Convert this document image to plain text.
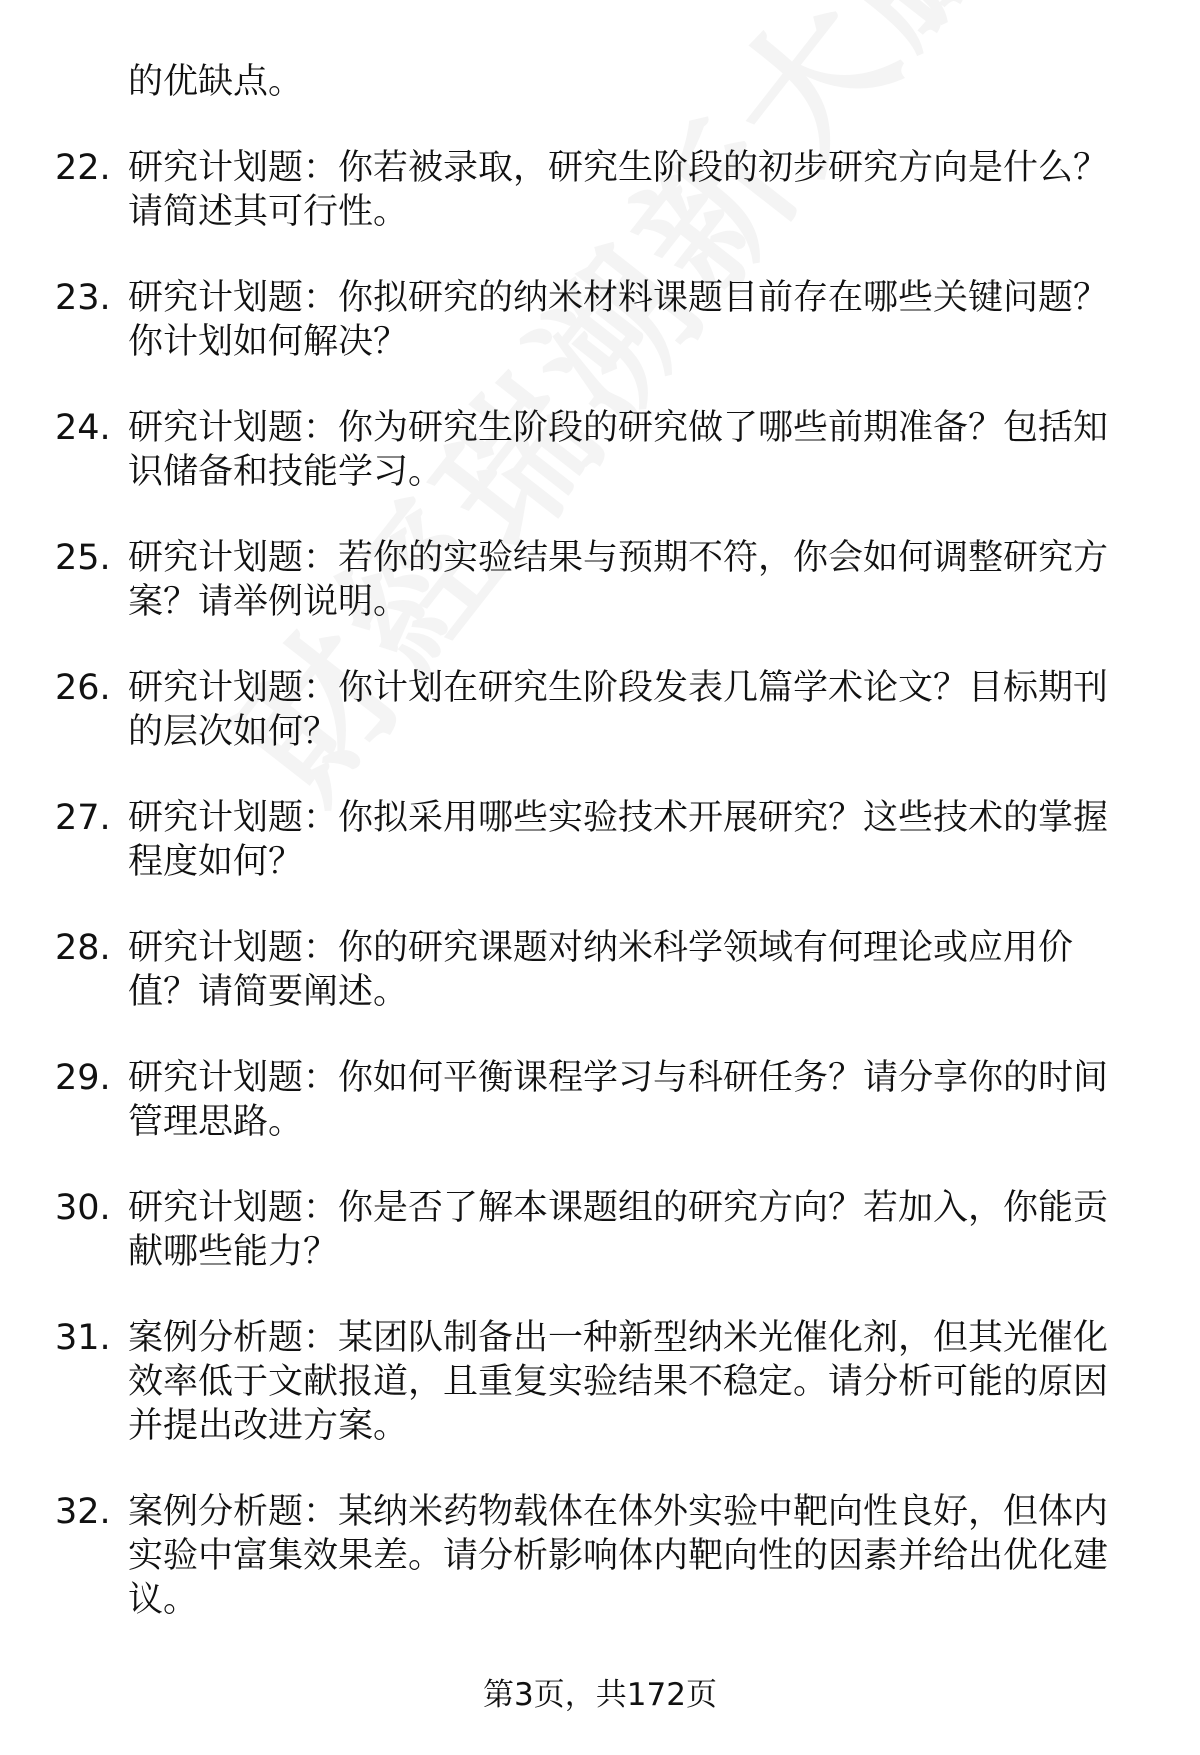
的优缺点。
22. 研究计划题：你若被录取，研究生阶段的初步研究方向是什么？请简述其可行性。
23. 研究计划题：你拟研究的纳米材料课题目前存在哪些关键问题？你计划如何解决？
24. 研究计划题：你为研究生阶段的研究做了哪些前期准备？包括知识储备和技能学习。
25. 研究计划题：若你的实验结果与预期不符，你会如何调整研究方案？请举例说明。
26. 研究计划题：你计划在研究生阶段发表几篇学术论文？目标期刊的层次如何？
27. 研究计划题：你拟采用哪些实验技术开展研究？这些技术的掌握程度如何？
28. 研究计划题：你的研究课题对纳米科学领域有何理论或应用价值？请简要阐述。
29. 研究计划题：你如何平衡课程学习与科研任务？请分享你的时间管理思路。
30. 研究计划题：你是否了解本课题组的研究方向？若加入，你能贡献哪些能力？
31. 案例分析题：某团队制备出一种新型纳米光催化剂，但其光催化效率低于文献报道，且重复实验结果不稳定。请分析可能的原因并提出改进方案。
32. 案例分析题：某纳米药物载体在体外实验中靶向性良好，但体内实验中富集效果差。请分析影响体内靶向性的因素并给出优化建议。
第3页，共172页
